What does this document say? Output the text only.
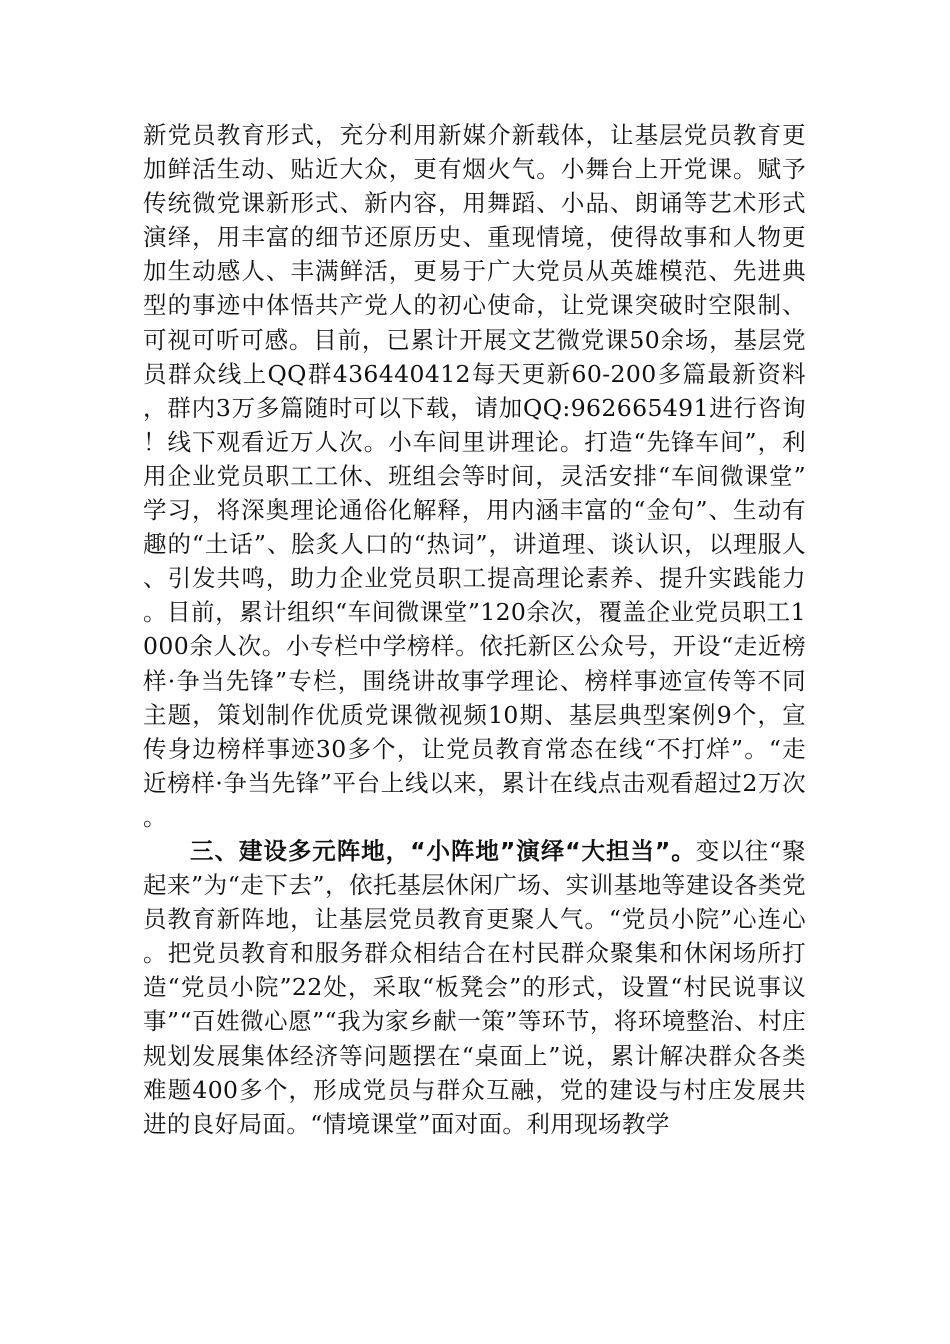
新党员教育形式，充分利用新媒介新载体，让基层党员教育更加鲜活生动、贴近大众，更有烟火气。小舞台上开党课。赋予传统微党课新形式、新内容，用舞蹈、小品、朗诵等艺术形式演绎，用丰富的细节还原历史、重现情境，使得故事和人物更加生动感人、丰满鲜活，更易于广大党员从英雄模范、先进典型的事迹中体悟共产党人的初心使命，让党课突破时空限制、可视可听可感。目前，已累计开展文艺微党课50余场，基层党员群众线上QQ群436440412每天更新60-200多篇最新资料，群内3万多篇随时可以下载，请加QQ:962665491进行咨询！线下观看近万人次。小车间里讲理论。打造“先锋车间”，利用企业党员职工工休、班组会等时间，灵活安排“车间微课堂”学习，将深奥理论通俗化解释，用内涵丰富的“金句”、生动有趣的“土话”、脍炙人口的“热词”，讲道理、谈认识，以理服人、引发共鸣，助力企业党员职工提高理论素养、提升实践能力。目前，累计组织“车间微课堂”120余次，覆盖企业党员职工1000余人次。小专栏中学榜样。依托新区公众号，开设“走近榜样·争当先锋”专栏，围绕讲故事学理论、榜样事迹宣传等不同主题，策划制作优质党课微视频10期、基层典型案例9个，宣传身边榜样事迹30多个，让党员教育常态在线“不打烊”。“走近榜样·争当先锋”平台上线以来，累计在线点击观看超过2万次。

三、建设多元阵地，“小阵地”演绎“大担当”。变以往“聚起来”为“走下去”，依托基层休闲广场、实训基地等建设各类党员教育新阵地，让基层党员教育更聚人气。“党员小院”心连心。把党员教育和服务群众相结合在村民群众聚集和休闲场所打造“党员小院”22处，采取“板凳会”的形式，设置“村民说事议事”“百姓微心愿”“我为家乡献一策”等环节，将环境整治、村庄规划发展集体经济等问题摆在“桌面上”说，累计解决群众各类难题400多个，形成党员与群众互融，党的建设与村庄发展共进的良好局面。“情境课堂”面对面。利用现场教学
